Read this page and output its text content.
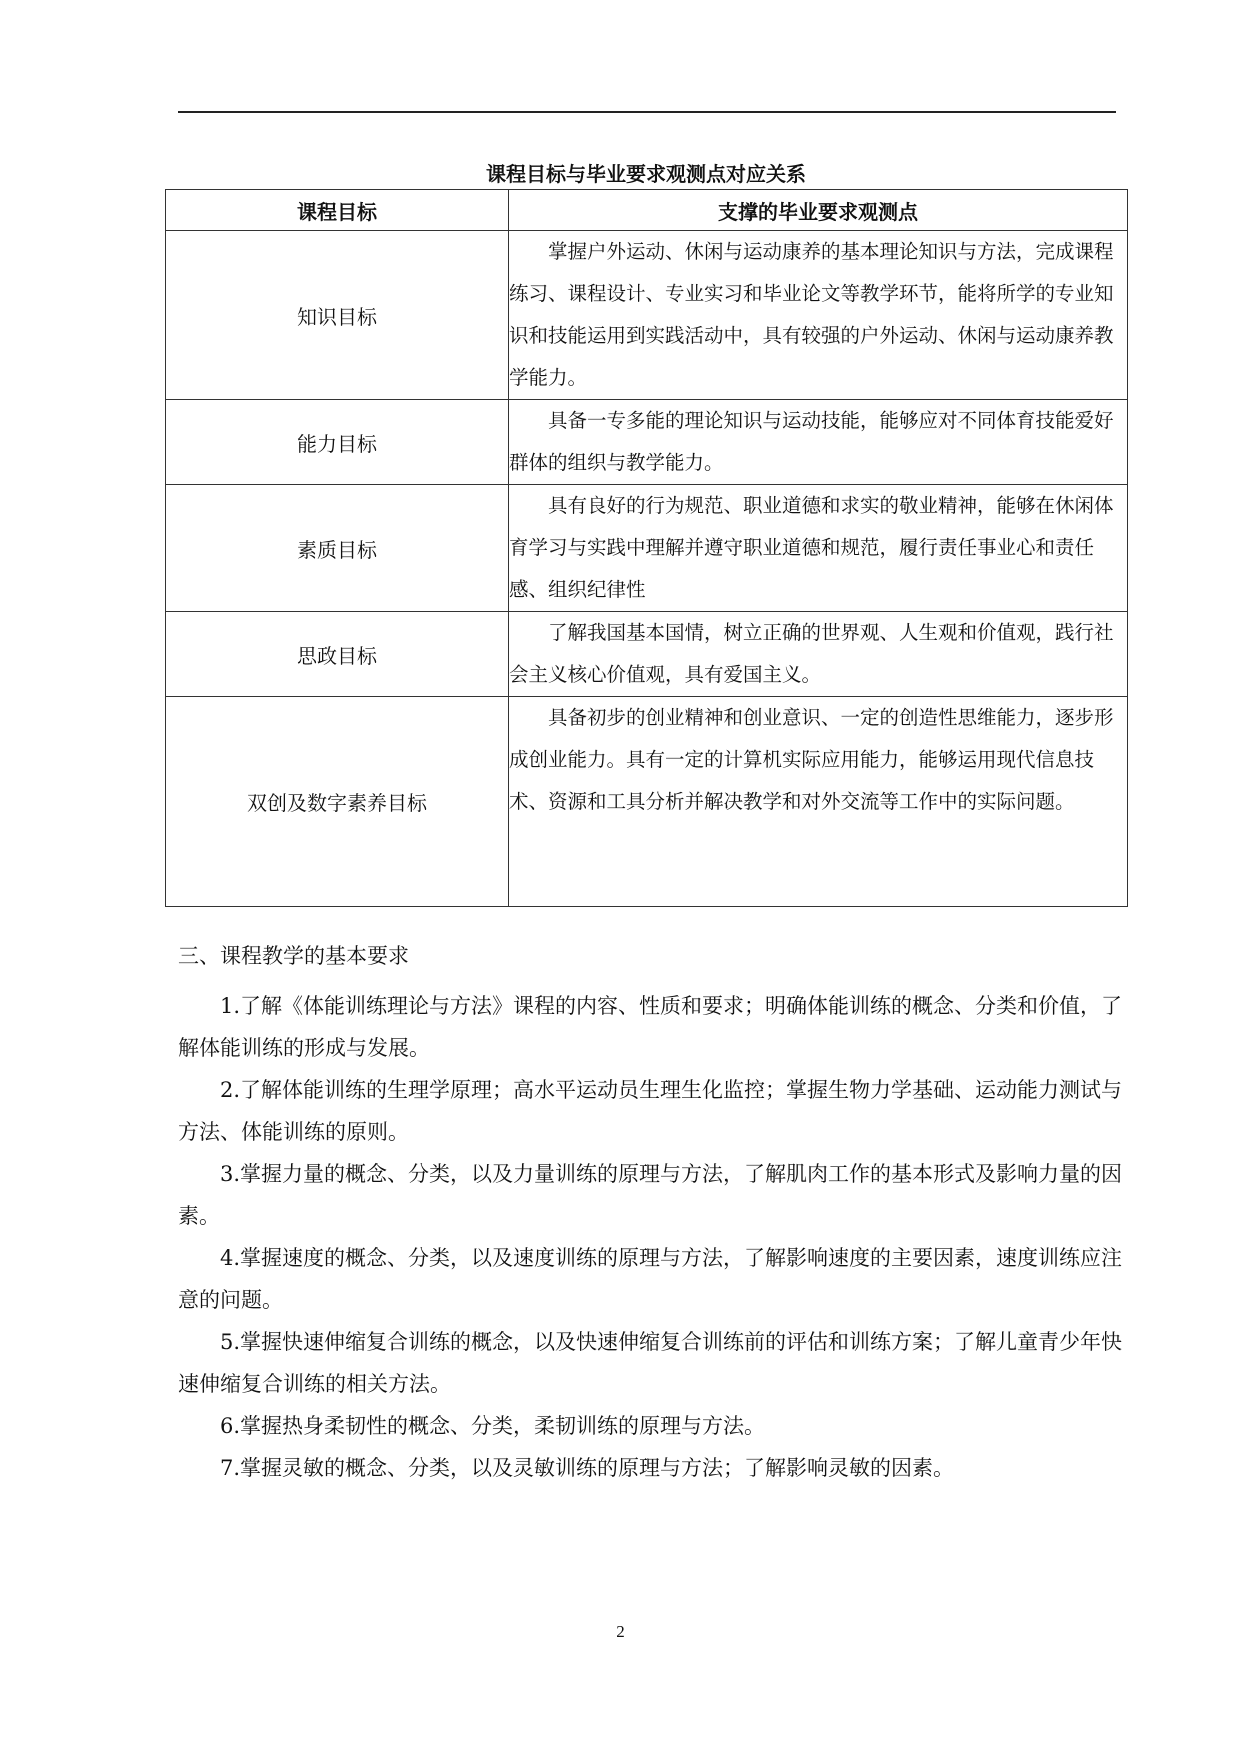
课程目标与毕业要求观测点对应关系
课程目标	支撑的毕业要求观测点
知识目标	掌握户外运动、休闲与运动康养的基本理论知识与方法，完成课程练习、课程设计、专业实习和毕业论文等教学环节，能将所学的专业知识和技能运用到实践活动中，具有较强的户外运动、休闲与运动康养教学能力。

能力目标	具备一专多能的理论知识与运动技能，能够应对不同体育技能爱好群体的组织与教学能力。

素质目标	具有良好的行为规范、职业道德和求实的敬业精神，能够在休闲体育学习与实践中理解并遵守职业道德和规范，履行责任事业心和责任感、组织纪律性

思政目标	了解我国基本国情，树立正确的世界观、人生观和价值观，践行社会主义核心价值观，具有爱国主义。

双创及数字素养目标	具备初步的创业精神和创业意识、一定的创造性思维能力，逐步形成创业能力。具有一定的计算机实际应用能力，能够运用现代信息技术、资源和工具分析并解决教学和对外交流等工作中的实际问题。

三、课程教学的基本要求
1.了解《体能训练理论与方法》课程的内容、性质和要求；明确体能训练的概念、分类和价值，了解体能训练的形成与发展。
2.了解体能训练的生理学原理；高水平运动员生理生化监控；掌握生物力学基础、运动能力测试与方法、体能训练的原则。
3.掌握力量的概念、分类，以及力量训练的原理与方法，了解肌肉工作的基本形式及影响力量的因素。
4.掌握速度的概念、分类，以及速度训练的原理与方法，了解影响速度的主要因素，速度训练应注意的问题。
5.掌握快速伸缩复合训练的概念，以及快速伸缩复合训练前的评估和训练方案；了解儿童青少年快速伸缩复合训练的相关方法。
6.掌握热身柔韧性的概念、分类，柔韧训练的原理与方法。
7.掌握灵敏的概念、分类，以及灵敏训练的原理与方法；了解影响灵敏的因素。
2
